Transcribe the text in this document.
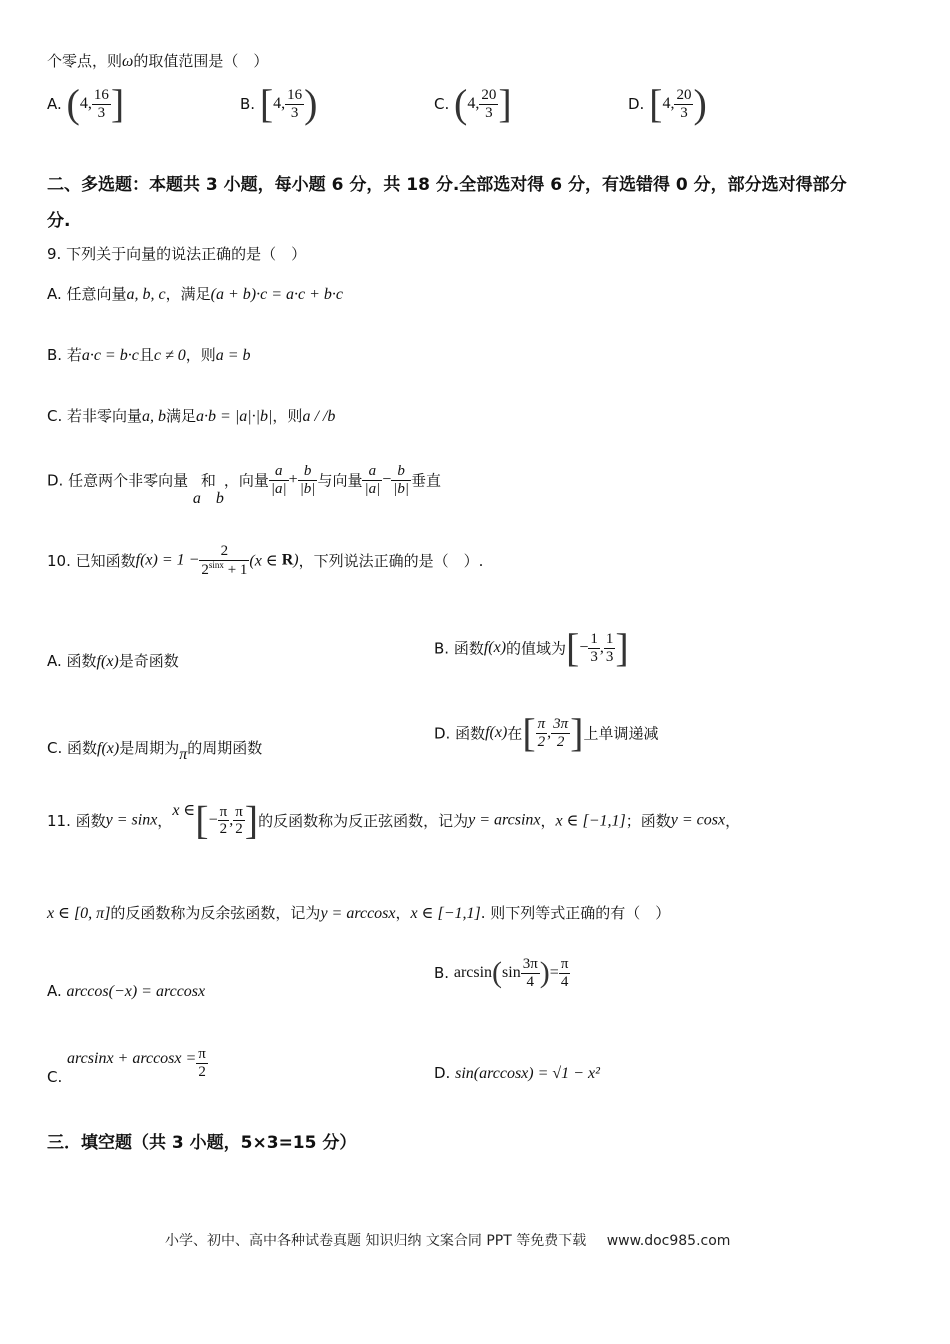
个零点，则ω的取值范围是（　）
A. (4, $\frac{16}{3}$ ]	B. [4, $\frac{16}{3}$ )	C. (4, $\frac{20}{3}$ ]	D. [4, $\frac{20}{3}$ )
二、多选题：本题共 3 小题，每小题 6 分，共 18 分.全部选对得 6 分，有选错得 0 分，部分选对得部分
分.
9. 下列关于向量的说法正确的是（　）
A. 任意向量a, b, c，满足(a + b)·c = a·c + b·c
B. 若a·c = b·c且c ≠ 0，则a = b
C. 若非零向量a, b满足a·b = |a|·|b|，则a / /b
D. 任意两个非零向量 a和b，向量 $\frac{a}{|a|} + \frac{b}{|b|}$ 与向量 $\frac{a}{|a|} - \frac{b}{|b|}$ 垂直
10. 已知函数$f(x) = 1 - \frac{2}{2^{sinx} + 1} (x$ ∈ R)，下列说法正确的是（　）.
A. 函数f(x)是奇函数
B. 函数f(x)的值域为[− $\frac{1}{3}$ , $\frac{1}{3}$ ]
C. 函数f(x)是周期为π的周期函数
D. 函数f(x)在[ $\frac{\pi}{2}$ , $\frac{3\pi}{2}$ ]上单调递减
11. 函数y = sinx，x ∈[− $\frac{\pi}{2}$ , $\frac{\pi}{2}$ ]的反函数称为反正弦函数，记为y = arcsinx，x ∈ [−1,1]；函数y = cosx，
x ∈ [0, π]的反函数称为反余弦函数，记为y = arccosx，x ∈ [−1,1]. 则下列等式正确的有（　）
A. arccos(−x) = arccosx
B. $\arcsin(\sin \frac{3\pi}{4}$ )= $\frac{\pi}{4}$
C. $\arcsin x + \arccos x = \frac{\pi}{2}$	D. sin(arccosx) = √1 − x²
三．填空题（共 3 小题，5×3=15 分）
小学、初中、高中各种试卷真题 知识归纳 文案合同 PPT 等免费下载 www.doc985.com
